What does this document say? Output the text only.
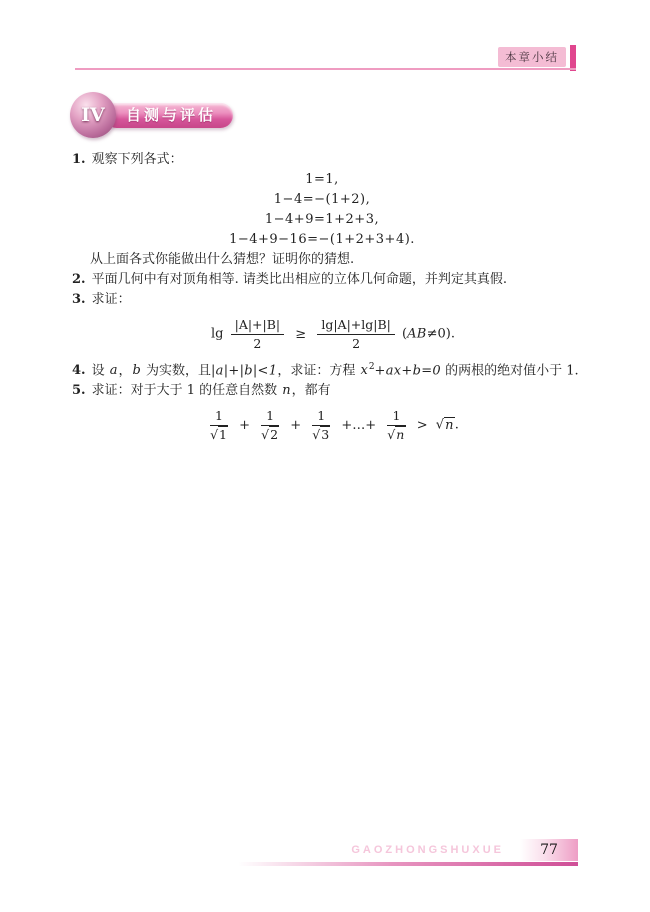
本章小结
IV	自测与评估

1. 观察下列各式：

1=1,
1−4=−(1+2),
1−4+9=1+2+3,
1−4+9−16=−(1+2+3+4).

从上面各式你能做出什么猜想？证明你的猜想.

2. 平面几何中有对顶角相等. 请类比出相应的立体几何命题，并判定其真假.

3. 求证：

$\lg \frac{|A|+|B|}{2} \ge \frac{\lg|A|+\lg|B|}{2} (AB\ne 0)$.

4. 设 a，b 为实数，且|a|+|b|<1，求证：方程 $x^2+ax+b=0$ 的两根的绝对值小于 1.

5. 求证：对于大于 1 的任意自然数 n，都有

$\frac{1}{√1} + \frac{1}{√2} + \frac{1}{√3}$ +…+ $\frac{1}{√n} > √n$.
GAOZHONGSHUXUE	77
